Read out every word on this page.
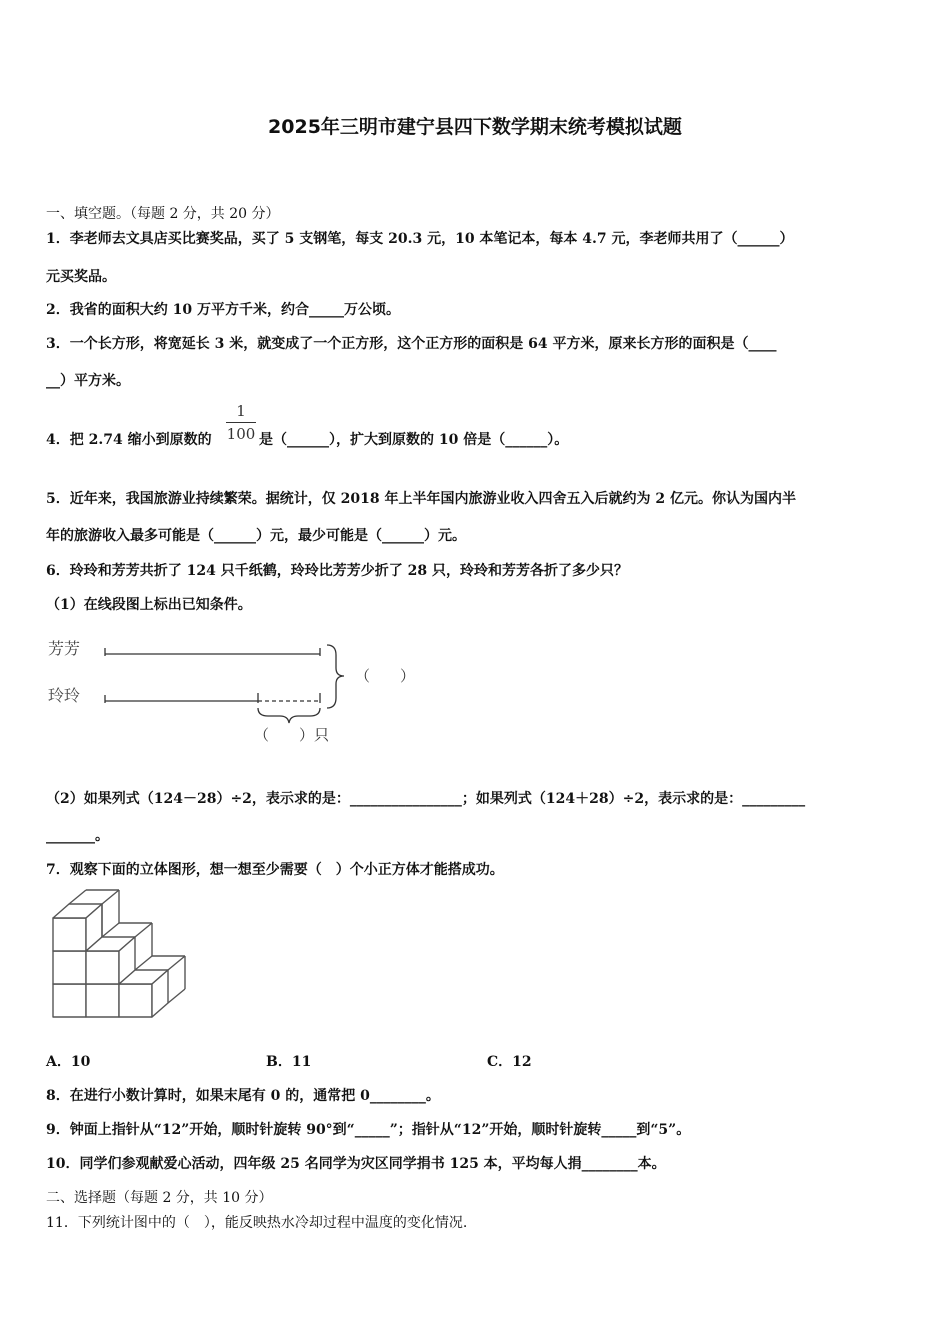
2025年三明市建宁县四下数学期末统考模拟试题
一、填空题。（每题 2 分，共 20 分）
1．李老师去文具店买比赛奖品，买了 5 支钢笔，每支 20.3 元，10 本笔记本，每本 4.7 元，李老师共用了（______）
元买奖品。
2．我省的面积大约 10 万平方千米，约合_____万公顷。
3．一个长方形，将宽延长 3 米，就变成了一个正方形，这个正方形的面积是 64 平方米，原来长方形的面积是（____
__）平方米。
4．把 2.74 缩小到原数的
1
100 是（______），扩大到原数的 10 倍是（______）。
5．近年来，我国旅游业持续繁荣。据统计，仅 2018 年上半年国内旅游业收入四舍五入后就约为 2 亿元。你认为国内半
年的旅游收入最多可能是（______）元，最少可能是（______）元。
6．玲玲和芳芳共折了 124 只千纸鹤，玲玲比芳芳少折了 28 只，玲玲和芳芳各折了多少只？
（1）在线段图上标出已知条件。
芳芳
玲玲
（　　）
（　　）只
（2）如果列式（124－28）÷2，表示求的是：________________；如果列式（124＋28）÷2，表示求的是：_________
_______。
7．观察下面的立体图形，想一想至少需要（　）个小正方体才能搭成功。
A．10	B．11	C．12
8．在进行小数计算时，如果末尾有 0 的，通常把 0________。
9．钟面上指针从“12”开始，顺时针旋转 90°到“_____”；指针从“12”开始，顺时针旋转_____到“5”。
10．同学们参观献爱心活动，四年级 25 名同学为灾区同学捐书 125 本，平均每人捐________本。
二、选择题（每题 2 分，共 10 分）
11．下列统计图中的（　），能反映热水冷却过程中温度的变化情况.
